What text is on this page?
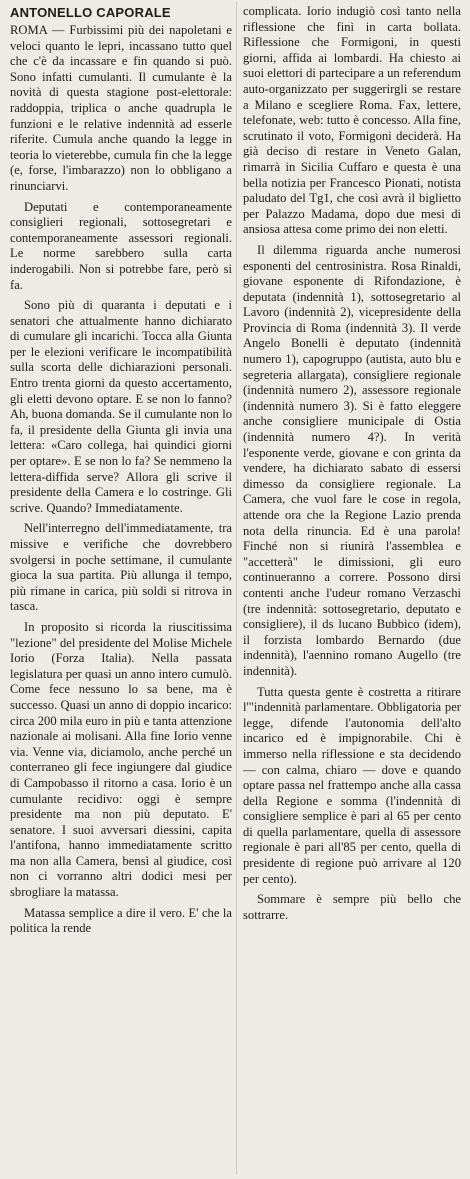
ANTONELLO CAPORALE

ROMA — Furbissimi più dei napoletani e veloci quanto le lepri, incassano tutto quel che c'è da incassare e fin quando si può. Sono infatti cumulanti. Il cumulante è la novità di questa stagione post-elettorale: raddoppia, triplica o anche quadrupla le funzioni e le relative indennità ad esserle riferite. Cumula anche quando la legge in teoria lo vieterebbe, cumula fin che la legge (e, forse, l'imbarazzo) non lo obbligano a rinunciarvi.

Deputati e contemporaneamente consiglieri regionali, sottosegretari e contemporaneamente assessori regionali. Le norme sarebbero sulla carta inderogabili. Non si potrebbe fare, però si fa.

Sono più di quaranta i deputati e i senatori che attualmente hanno dichiarato di cumulare gli incarichi. Tocca alla Giunta per le elezioni verificare le incompatibilità sulla scorta delle dichiarazioni personali. Entro trenta giorni da questo accertamento, gli eletti devono optare. E se non lo fanno? Ah, buona domanda. Se il cumulante non lo fa, il presidente della Giunta gli invia una lettera: «Caro collega, hai quindici giorni per optare». E se non lo fa? Se nemmeno la lettera-diffida serve? Allora gli scrive il presidente della Camera e lo costringe. Gli scrive. Quando? Immediatamente.

Nell'interregno dell'immediatamente, tra missive e verifiche che dovrebbero svolgersi in poche settimane, il cumulante gioca la sua partita. Più allunga il tempo, più rimane in carica, più soldi si ritrova in tasca.

In proposito si ricorda la riuscitissima "lezione" del presidente del Molise Michele Iorio (Forza Italia). Nella passata legislatura per quasi un anno intero cumulò. Come fece nessuno lo sa bene, ma è successo. Quasi un anno di doppio incarico: circa 200 mila euro in più e tanta attenzione nazionale ai molisani. Alla fine Iorio venne via. Venne via, diciamolo, anche perché un conterraneo gli fece ingiungere dal giudice di Campobasso il ritorno a casa. Iorio è un cumulante recidivo: oggi è sempre presidente ma non più deputato. E' senatore. I suoi avversari diessini, capita l'antifona, hanno immediatamente scritto ma non alla Camera, bensì al giudice, così non ci vorranno altri dodici mesi per sbrogliare la matassa.

Matassa semplice a dire il vero. E' che la politica la rende

complicata. Iorio indugiò così tanto nella riflessione che finì in carta bollata. Riflessione che Formigoni, in questi giorni, affida ai lombardi. Ha chiesto ai suoi elettori di partecipare a un referendum auto-organizzato per suggerirgli se restare a Milano e scegliere Roma. Fax, lettere, telefonate, web: tutto è concesso. Alla fine, scrutinato il voto, Formigoni deciderà. Ha già deciso di restare in Veneto Galan, rimarrà in Sicilia Cuffaro e questa è una bella notizia per Francesco Pionati, notista paludato del Tg1, che così avrà il biglietto per Palazzo Madama, dopo due mesi di ansiosa attesa come primo dei non eletti.

Il dilemma riguarda anche numerosi esponenti del centrosinistra. Rosa Rinaldi, giovane esponente di Rifondazione, è deputata (indennità 1), sottosegretario al Lavoro (indennità 2), vicepresidente della Provincia di Roma (indennità 3). Il verde Angelo Bonelli è deputato (indennità numero 1), capogruppo (autista, auto blu e segreteria allargata), consigliere regionale (indennità numero 2), assessore regionale (indennità numero 3). Si è fatto eleggere anche consigliere municipale di Ostia (indennità numero 4?). In verità l'esponente verde, giovane e con grinta da vendere, ha dichiarato sabato di essersi dimesso da consigliere regionale. La Camera, che vuol fare le cose in regola, attende ora che la Regione Lazio prenda nota della rinuncia. Ed è una parola! Finché non si riunirà l'assemblea e "accetterà" le dimissioni, gli euro continueranno a correre. Possono dirsi contenti anche l'udeur romano Verzaschi (tre indennità: sottosegretario, deputato e consigliere), il ds lucano Bubbico (idem), il forzista lombardo Bernardo (due indennità), l'aennino romano Augello (tre indennità).

Tutta questa gente è costretta a ritirare l'"indennità parlamentare. Obbligatoria per legge, difende l'autonomia dell'alto incarico ed è impignorabile. Chi è immerso nella riflessione e sta decidendo — con calma, chiaro — dove e quando optare passa nel frattempo anche alla cassa della Regione e somma (l'indennità di consigliere semplice è pari al 65 per cento di quella parlamentare, quella di assessore regionale è pari all'85 per cento, quella di presidente di regione può arrivare al 120 per cento).

Sommare è sempre più bello che sottrarre.
